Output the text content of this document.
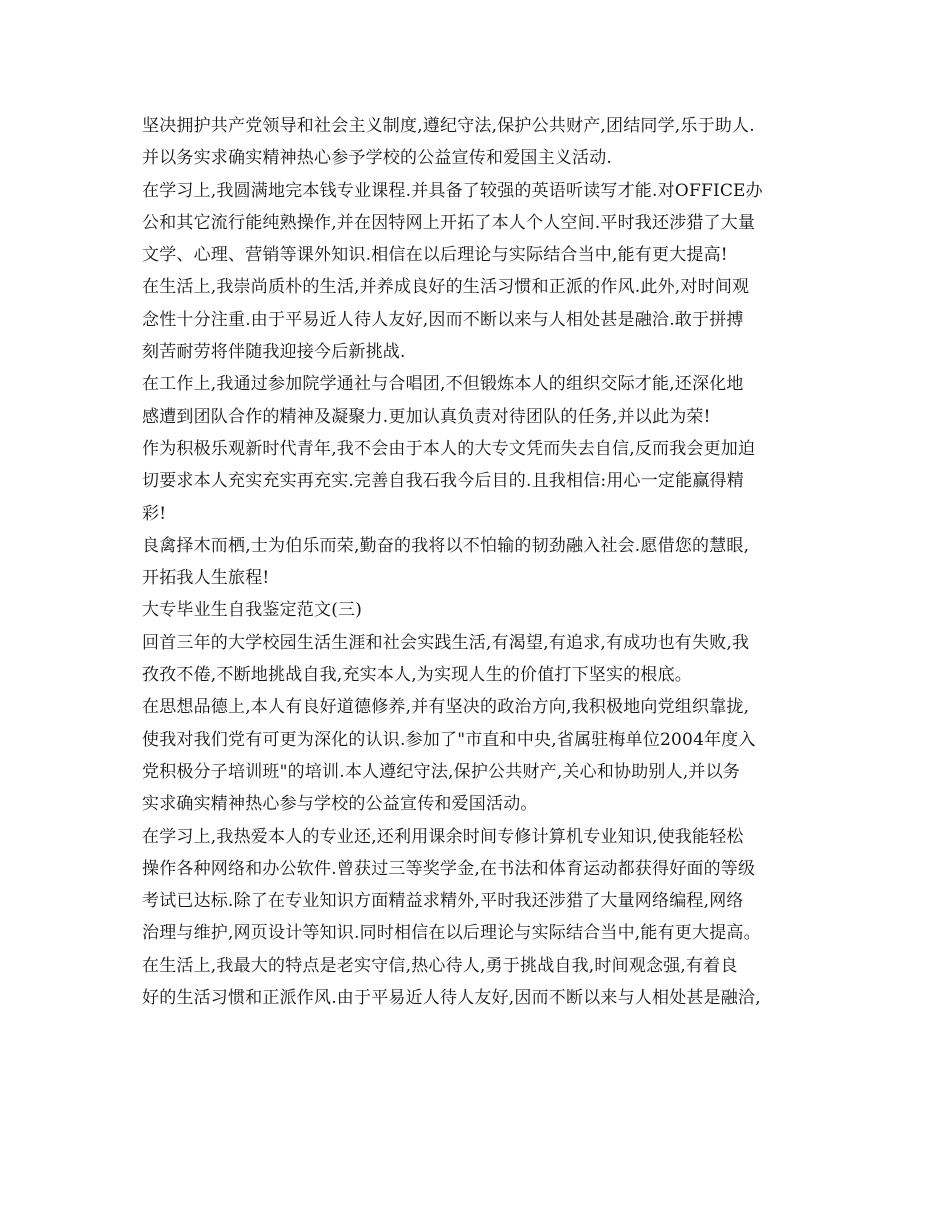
坚决拥护共产党领导和社会主义制度,遵纪守法,保护公共财产,团结同学,乐于助人.
并以务实求确实精神热心参予学校的公益宣传和爱国主义活动.
在学习上,我圆满地完本钱专业课程.并具备了较强的英语听读写才能.对OFFICE办
公和其它流行能纯熟操作,并在因特网上开拓了本人个人空间.平时我还涉猎了大量
文学、心理、营销等课外知识.相信在以后理论与实际结合当中,能有更大提高!
在生活上,我崇尚质朴的生活,并养成良好的生活习惯和正派的作风.此外,对时间观
念性十分注重.由于平易近人待人友好,因而不断以来与人相处甚是融洽.敢于拼搏
刻苦耐劳将伴随我迎接今后新挑战.
在工作上,我通过参加院学通社与合唱团,不但锻炼本人的组织交际才能,还深化地
感遭到团队合作的精神及凝聚力.更加认真负责对待团队的任务,并以此为荣!
作为积极乐观新时代青年,我不会由于本人的大专文凭而失去自信,反而我会更加迫
切要求本人充实充实再充实.完善自我石我今后目的.且我相信:用心一定能赢得精
彩!
良禽择木而栖,士为伯乐而荣,勤奋的我将以不怕输的韧劲融入社会.愿借您的慧眼,
开拓我人生旅程!
大专毕业生自我鉴定范文(三)
回首三年的大学校园生活生涯和社会实践生活,有渴望,有追求,有成功也有失败,我
孜孜不倦,不断地挑战自我,充实本人,为实现人生的价值打下坚实的根底。
在思想品德上,本人有良好道德修养,并有坚决的政治方向,我积极地向党组织靠拢,
使我对我们党有可更为深化的认识.参加了"市直和中央,省属驻梅单位2004年度入
党积极分子培训班"的培训.本人遵纪守法,保护公共财产,关心和协助别人,并以务
实求确实精神热心参与学校的公益宣传和爱国活动。
在学习上,我热爱本人的专业还,还利用课余时间专修计算机专业知识,使我能轻松
操作各种网络和办公软件.曾获过三等奖学金,在书法和体育运动都获得好面的等级
考试已达标.除了在专业知识方面精益求精外,平时我还涉猎了大量网络编程,网络
治理与维护,网页设计等知识.同时相信在以后理论与实际结合当中,能有更大提高。
在生活上,我最大的特点是老实守信,热心待人,勇于挑战自我,时间观念强,有着良
好的生活习惯和正派作风.由于平易近人待人友好,因而不断以来与人相处甚是融洽,
